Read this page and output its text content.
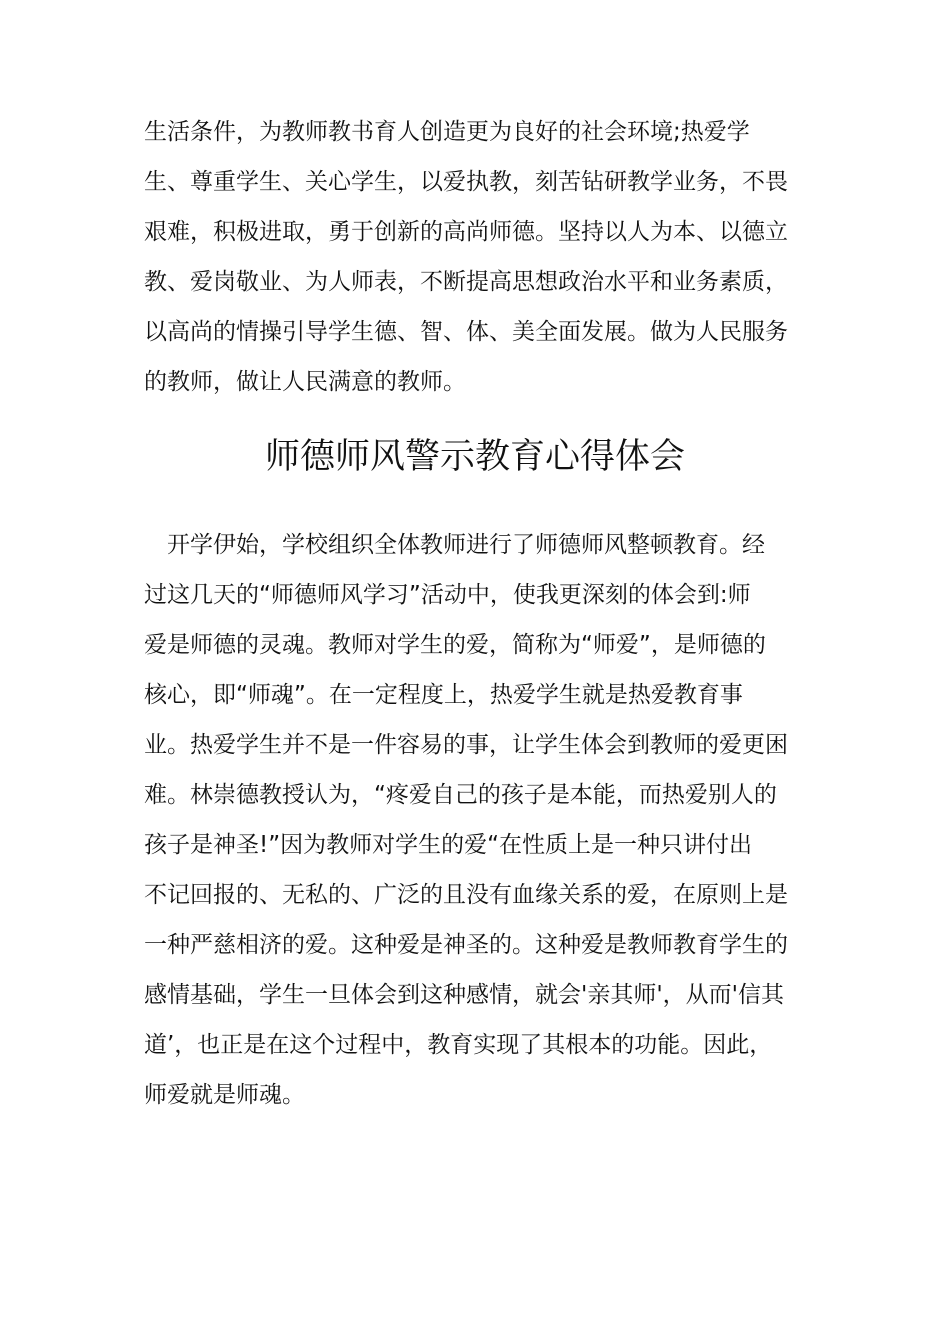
生活条件，为教师教书育人创造更为良好的社会环境;热爱学
生、尊重学生、关心学生，以爱执教，刻苦钻研教学业务，不畏
艰难，积极进取，勇于创新的高尚师德。坚持以人为本、以德立
教、爱岗敬业、为人师表，不断提高思想政治水平和业务素质，
以高尚的情操引导学生德、智、体、美全面发展。做为人民服务
的教师，做让人民满意的教师。
师德师风警示教育心得体会
　开学伊始，学校组织全体教师进行了师德师风整顿教育。经
过这几天的“师德师风学习”活动中，使我更深刻的体会到:师
爱是师德的灵魂。教师对学生的爱，简称为“师爱”，是师德的
核心，即“师魂”。在一定程度上，热爱学生就是热爱教育事
业。热爱学生并不是一件容易的事，让学生体会到教师的爱更困
难。林崇德教授认为，“疼爱自己的孩子是本能，而热爱别人的
孩子是神圣!”因为教师对学生的爱“在性质上是一种只讲付出
不记回报的、无私的、广泛的且没有血缘关系的爱，在原则上是
一种严慈相济的爱。这种爱是神圣的。这种爱是教师教育学生的
感情基础，学生一旦体会到这种感情，就会'亲其师'，从而'信其
道’，也正是在这个过程中，教育实现了其根本的功能。因此，
师爱就是师魂。
